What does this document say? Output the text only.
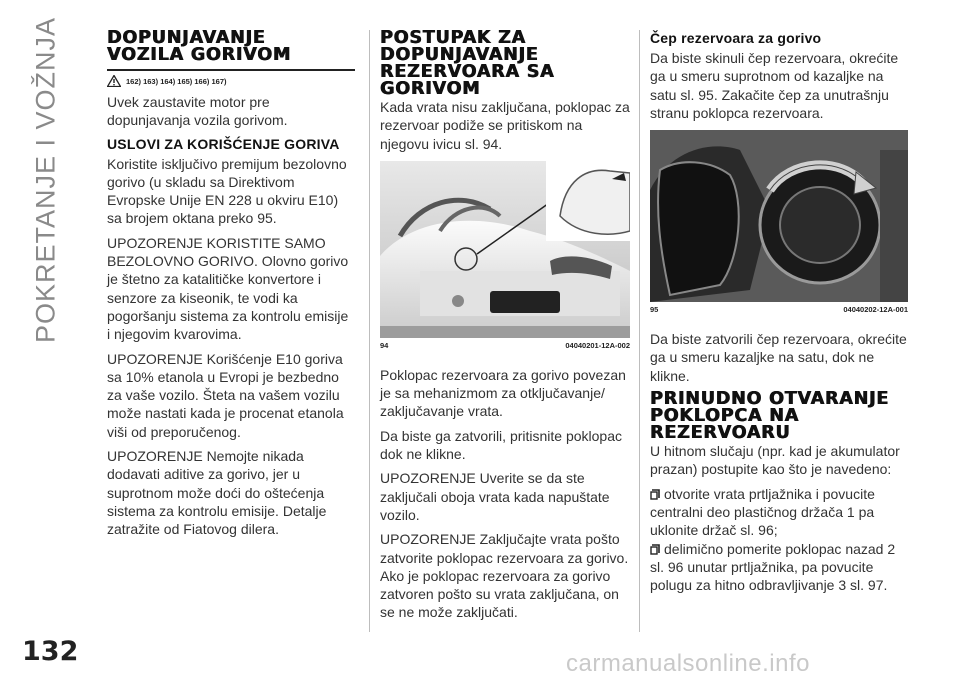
POKRETANJE I VOŽNJA
132	carmanualsonline.info
DOPUNJAVANJE
VOZILA GORIVOM
162) 163) 164) 165) 166) 167)

Uvek zaustavite motor pre dopunjavanja vozila gorivom.

USLOVI ZA KORIŠĆENJE GORIVA

Koristite isključivo premijum bezolovno gorivo (u skladu sa Direktivom Evropske Unije EN 228 u okviru E10) sa brojem oktana preko 95.

UPOZORENJE KORISTITE SAMO BEZOLOVNO GORIVO. Olovno gorivo je štetno za katalitičke konvertore i senzore za kiseonik, te vodi ka pogoršanju sistema za kontrolu emisije i njegovim kvarovima.

UPOZORENJE Korišćenje E10 goriva sa 10% etanola u Evropi je bezbedno za vaše vozilo. Šteta na vašem vozilu može nastati kada je procenat etanola viši od preporučenog.

UPOZORENJE Nemojte nikada dodavati aditive za gorivo, jer u suprotnom može doći do oštećenja sistema za kontrolu emisije. Detalje zatražite od Fiatovog dilera.

POSTUPAK ZA
DOPUNJAVANJE
REZERVOARA SA
GORIVOM

Kada vrata nisu zaključana, poklopac za rezervoar podiže se pritiskom na njegovu ivicu sl. 94.

94	04040201-12A-002

Poklopac rezervoara za gorivo povezan je sa mehanizmom za otključavanje/ zaključavanje vrata.

Da biste ga zatvorili, pritisnite poklopac dok ne klikne.

UPOZORENJE Uverite se da ste zaključali oboja vrata kada napuštate vozilo.

UPOZORENJE Zaključajte vrata pošto zatvorite poklopac rezervoara za gorivo. Ako je poklopac rezervoara za gorivo zatvoren pošto su vrata zaključana, on se ne može zaključati.

Čep rezervoara za gorivo

Da biste skinuli čep rezervoara, okrećite ga u smeru suprotnom od kazaljke na satu sl. 95. Zakačite čep za unutrašnju stranu poklopca rezervoara.

95	04040202-12A-001

Da biste zatvorili čep rezervoara, okrećite ga u smeru kazaljke na satu, dok ne klikne.

PRINUDNO OTVARANJE
POKLOPCA NA
REZERVOARU

U hitnom slučaju (npr. kad je akumulator prazan) postupite kao što je navedeno:

otvorite vrata prtljažnika i povucite centralni deo plastičnog držača 1 pa uklonite držač sl. 96;

delimično pomerite poklopac nazad 2 sl. 96 unutar prtljažnika, pa povucite polugu za hitno odbravljivanje 3 sl. 97.
